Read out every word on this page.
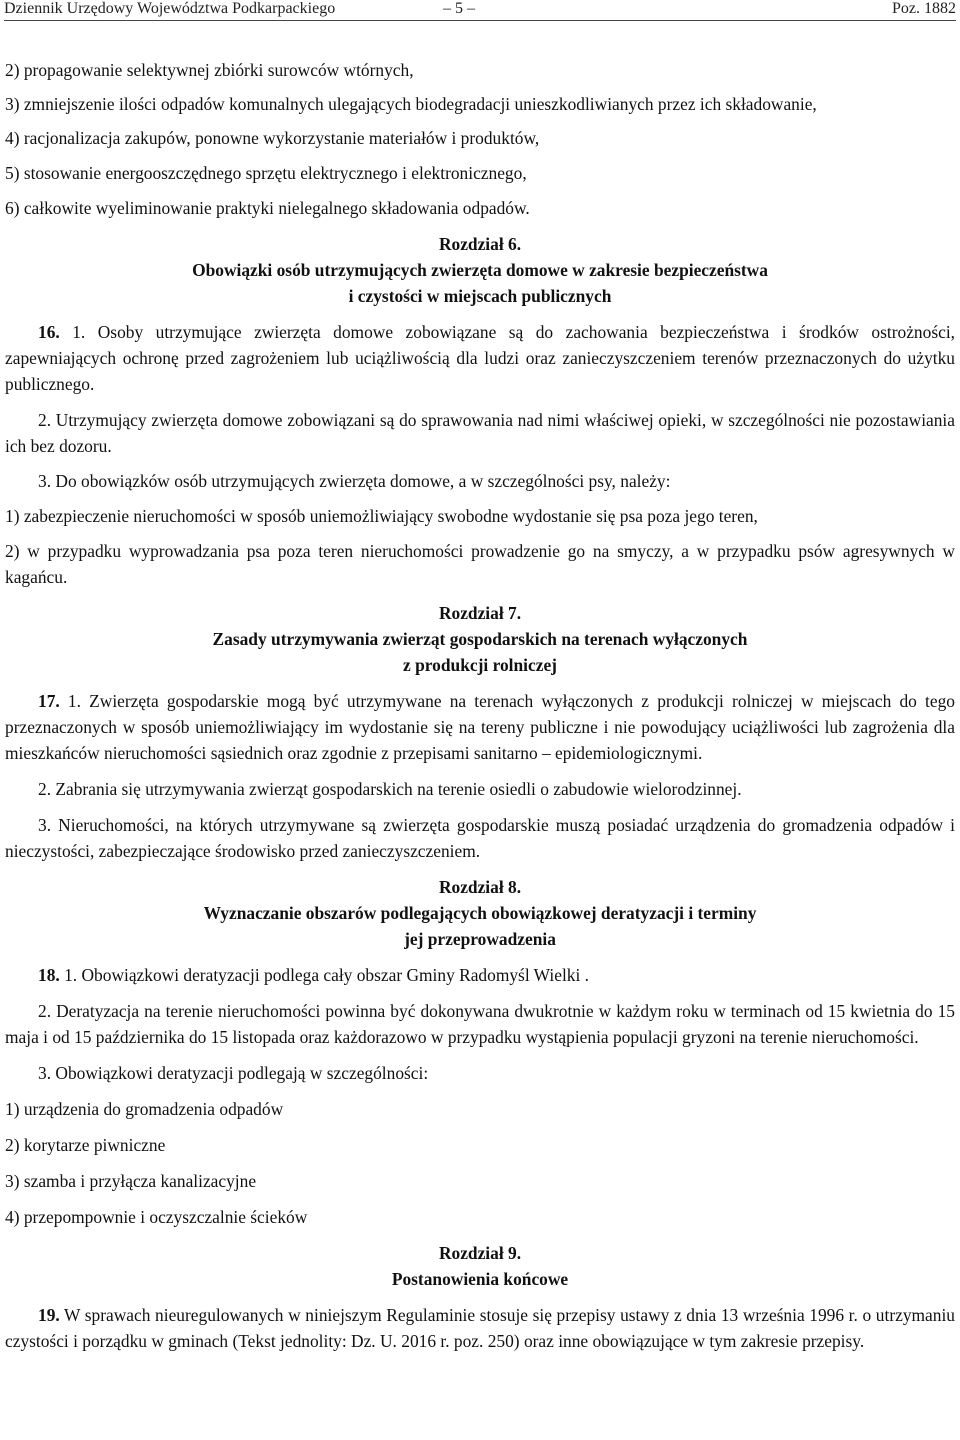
Dziennik Urzędowy Województwa Podkarpackiego	– 5 –	Poz. 1882

2) propagowanie selektywnej zbiórki surowców wtórnych,

3) zmniejszenie ilości odpadów komunalnych ulegających biodegradacji unieszkodliwianych przez ich składowanie,

4) racjonalizacja zakupów, ponowne wykorzystanie materiałów i produktów,

5) stosowanie energooszczędnego sprzętu elektrycznego i elektronicznego,

6) całkowite wyeliminowanie praktyki nielegalnego składowania odpadów.

Rozdział 6.

Obowiązki osób utrzymujących zwierzęta domowe w zakresie bezpieczeństwa

i czystości w miejscach publicznych

16. 1. Osoby utrzymujące zwierzęta domowe zobowiązane są do zachowania bezpieczeństwa i środków ostrożności, zapewniających ochronę przed zagrożeniem lub uciążliwością dla ludzi oraz zanieczyszczeniem terenów przeznaczonych do użytku publicznego.

2. Utrzymujący zwierzęta domowe zobowiązani są do sprawowania nad nimi właściwej opieki, w szczególności nie pozostawiania ich bez dozoru.

3. Do obowiązków osób utrzymujących zwierzęta domowe, a w szczególności psy, należy:

1) zabezpieczenie nieruchomości w sposób uniemożliwiający swobodne wydostanie się psa poza jego teren,

2) w przypadku wyprowadzania psa poza teren nieruchomości prowadzenie go na smyczy, a w przypadku psów agresywnych w kagańcu.

Rozdział 7.

Zasady utrzymywania zwierząt gospodarskich na terenach wyłączonych

z produkcji rolniczej

17. 1. Zwierzęta gospodarskie mogą być utrzymywane na terenach wyłączonych z produkcji rolniczej w miejscach do tego przeznaczonych w sposób uniemożliwiający im wydostanie się na tereny publiczne i nie powodujący uciążliwości lub zagrożenia dla mieszkańców nieruchomości sąsiednich oraz zgodnie z przepisami sanitarno – epidemiologicznymi.

2. Zabrania się utrzymywania zwierząt gospodarskich na terenie osiedli o zabudowie wielorodzinnej.

3. Nieruchomości, na których utrzymywane są zwierzęta gospodarskie muszą posiadać urządzenia do gromadzenia odpadów i nieczystości, zabezpieczające środowisko przed zanieczyszczeniem.

Rozdział 8.

Wyznaczanie obszarów podlegających obowiązkowej deratyzacji i terminy

jej przeprowadzenia

18. 1. Obowiązkowi deratyzacji podlega cały obszar Gminy Radomyśl Wielki .

2. Deratyzacja na terenie nieruchomości powinna być dokonywana dwukrotnie w każdym roku w terminach od 15 kwietnia do 15 maja i od 15 października do 15 listopada oraz każdorazowo w przypadku wystąpienia populacji gryzoni na terenie nieruchomości.

3. Obowiązkowi deratyzacji podlegają w szczególności:

1) urządzenia do gromadzenia odpadów

2) korytarze piwniczne

3) szamba i przyłącza kanalizacyjne

4) przepompownie i oczyszczalnie ścieków

Rozdział 9.

Postanowienia końcowe

19. W sprawach nieuregulowanych w niniejszym Regulaminie stosuje się przepisy ustawy z dnia 13 września 1996 r. o utrzymaniu czystości i porządku w gminach (Tekst jednolity: Dz. U. 2016 r. poz. 250) oraz inne obowiązujące w tym zakresie przepisy.
